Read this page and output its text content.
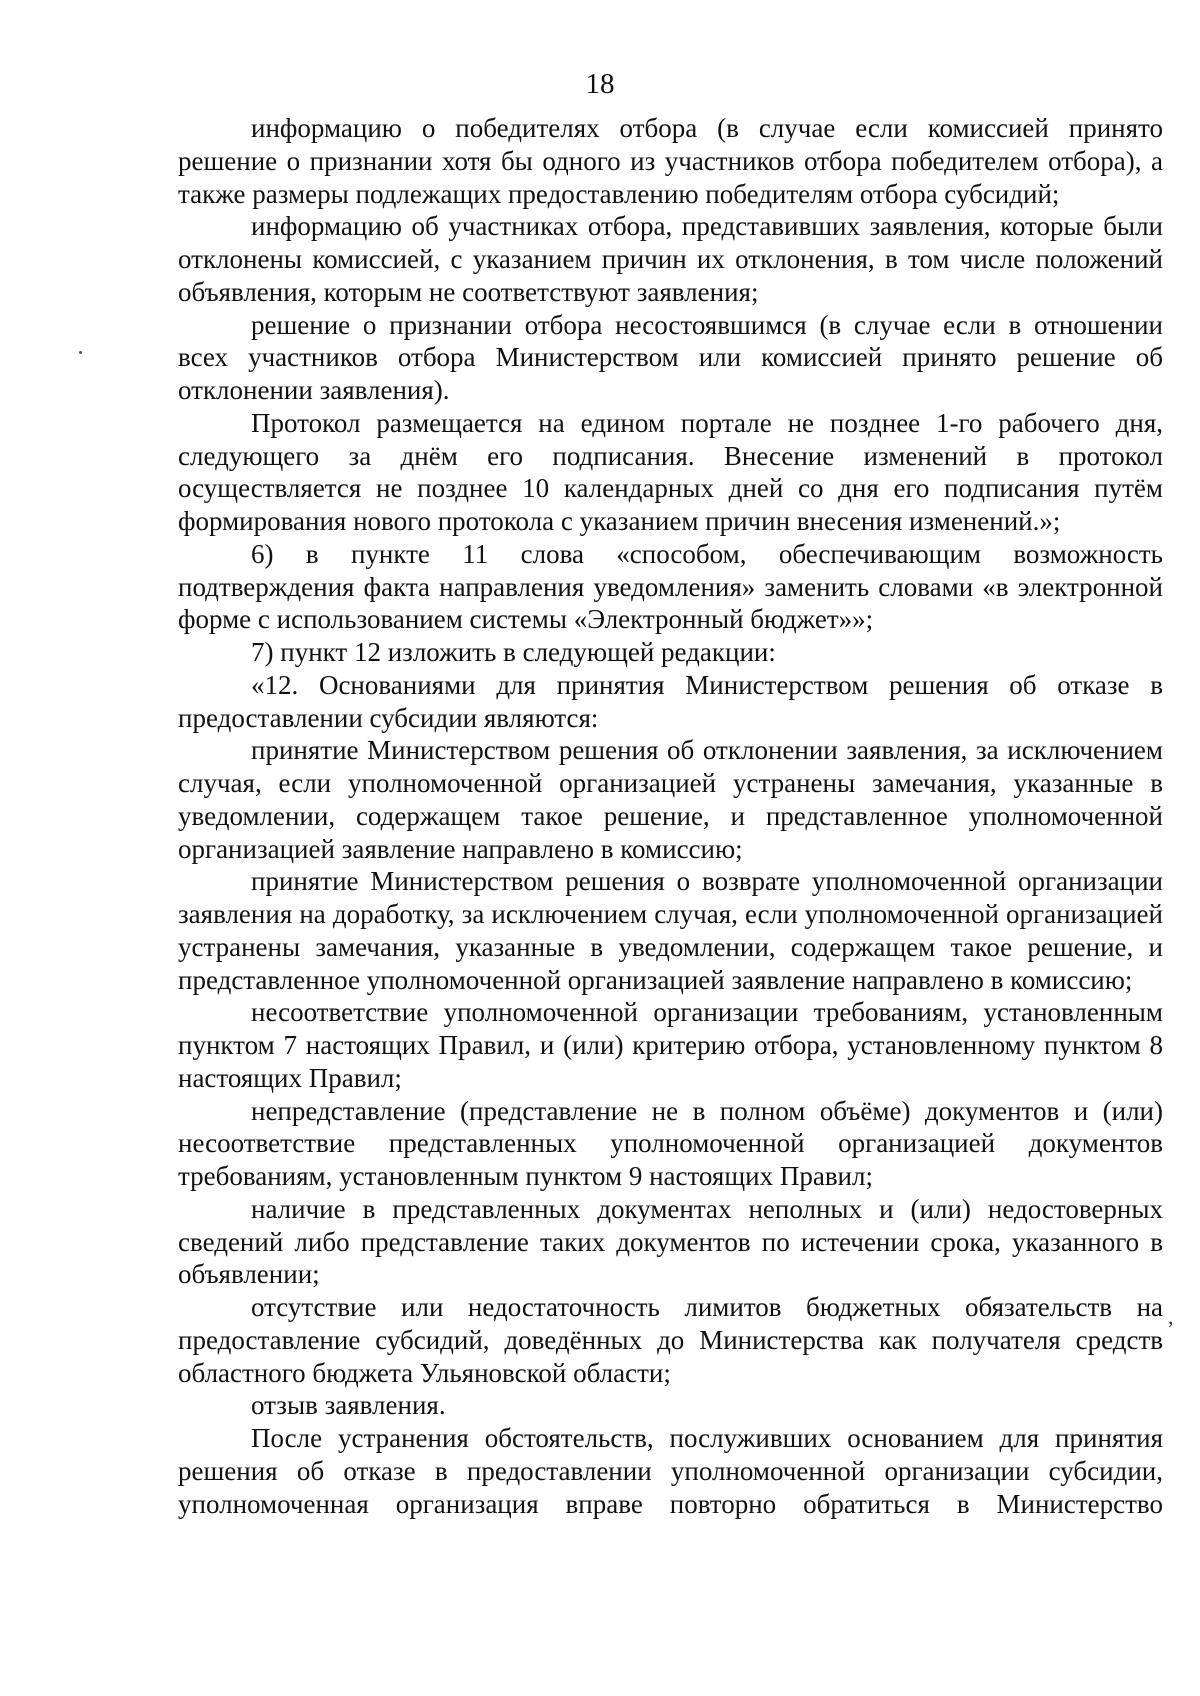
18
,

информацию о победителях отбора (в случае если комиссией принято решение о признании хотя бы одного из участников отбора победителем отбора), а также размеры подлежащих предоставлению победителям отбора субсидий;

информацию об участниках отбора, представивших заявления, которые были отклонены комиссией, с указанием причин их отклонения, в том числе положений объявления, которым не соответствуют заявления;

решение о признании отбора несостоявшимся (в случае если в отношении всех участников отбора Министерством или комиссией принято решение об отклонении заявления).

Протокол размещается на едином портале не позднее 1-го рабочего дня, следующего за днём его подписания. Внесение изменений в протокол осуществляется не позднее 10 календарных дней со дня его подписания путём формирования нового протокола с указанием причин внесения изменений.»;

6) в пункте 11 слова «способом, обеспечивающим возможность подтверждения факта направления уведомления» заменить словами «в электронной форме с использованием системы «Электронный бюджет»»;

7) пункт 12 изложить в следующей редакции:

«12. Основаниями для принятия Министерством решения об отказе в предоставлении субсидии являются:

принятие Министерством решения об отклонении заявления, за исключением случая, если уполномоченной организацией устранены замечания, указанные в уведомлении, содержащем такое решение, и представленное уполномоченной организацией заявление направлено в комиссию;

принятие Министерством решения о возврате уполномоченной организации заявления на доработку, за исключением случая, если уполномоченной организацией устранены замечания, указанные в уведомлении, содержащем такое решение, и представленное уполномоченной организацией заявление направлено в комиссию;

несоответствие уполномоченной организации требованиям, установленным пунктом 7 настоящих Правил, и (или) критерию отбора, установленному пунктом 8 настоящих Правил;

непредставление (представление не в полном объёме) документов и (или) несоответствие представленных уполномоченной организацией документов требованиям, установленным пунктом 9 настоящих Правил;

наличие в представленных документах неполных и (или) недостоверных сведений либо представление таких документов по истечении срока, указанного в объявлении;

отсутствие или недостаточность лимитов бюджетных обязательств на предоставление субсидий, доведённых до Министерства как получателя средств областного бюджета Ульяновской области;

отзыв заявления.

После устранения обстоятельств, послуживших основанием для принятия решения об отказе в предоставлении уполномоченной организации субсидии, уполномоченная организация вправе повторно обратиться в Министерство
